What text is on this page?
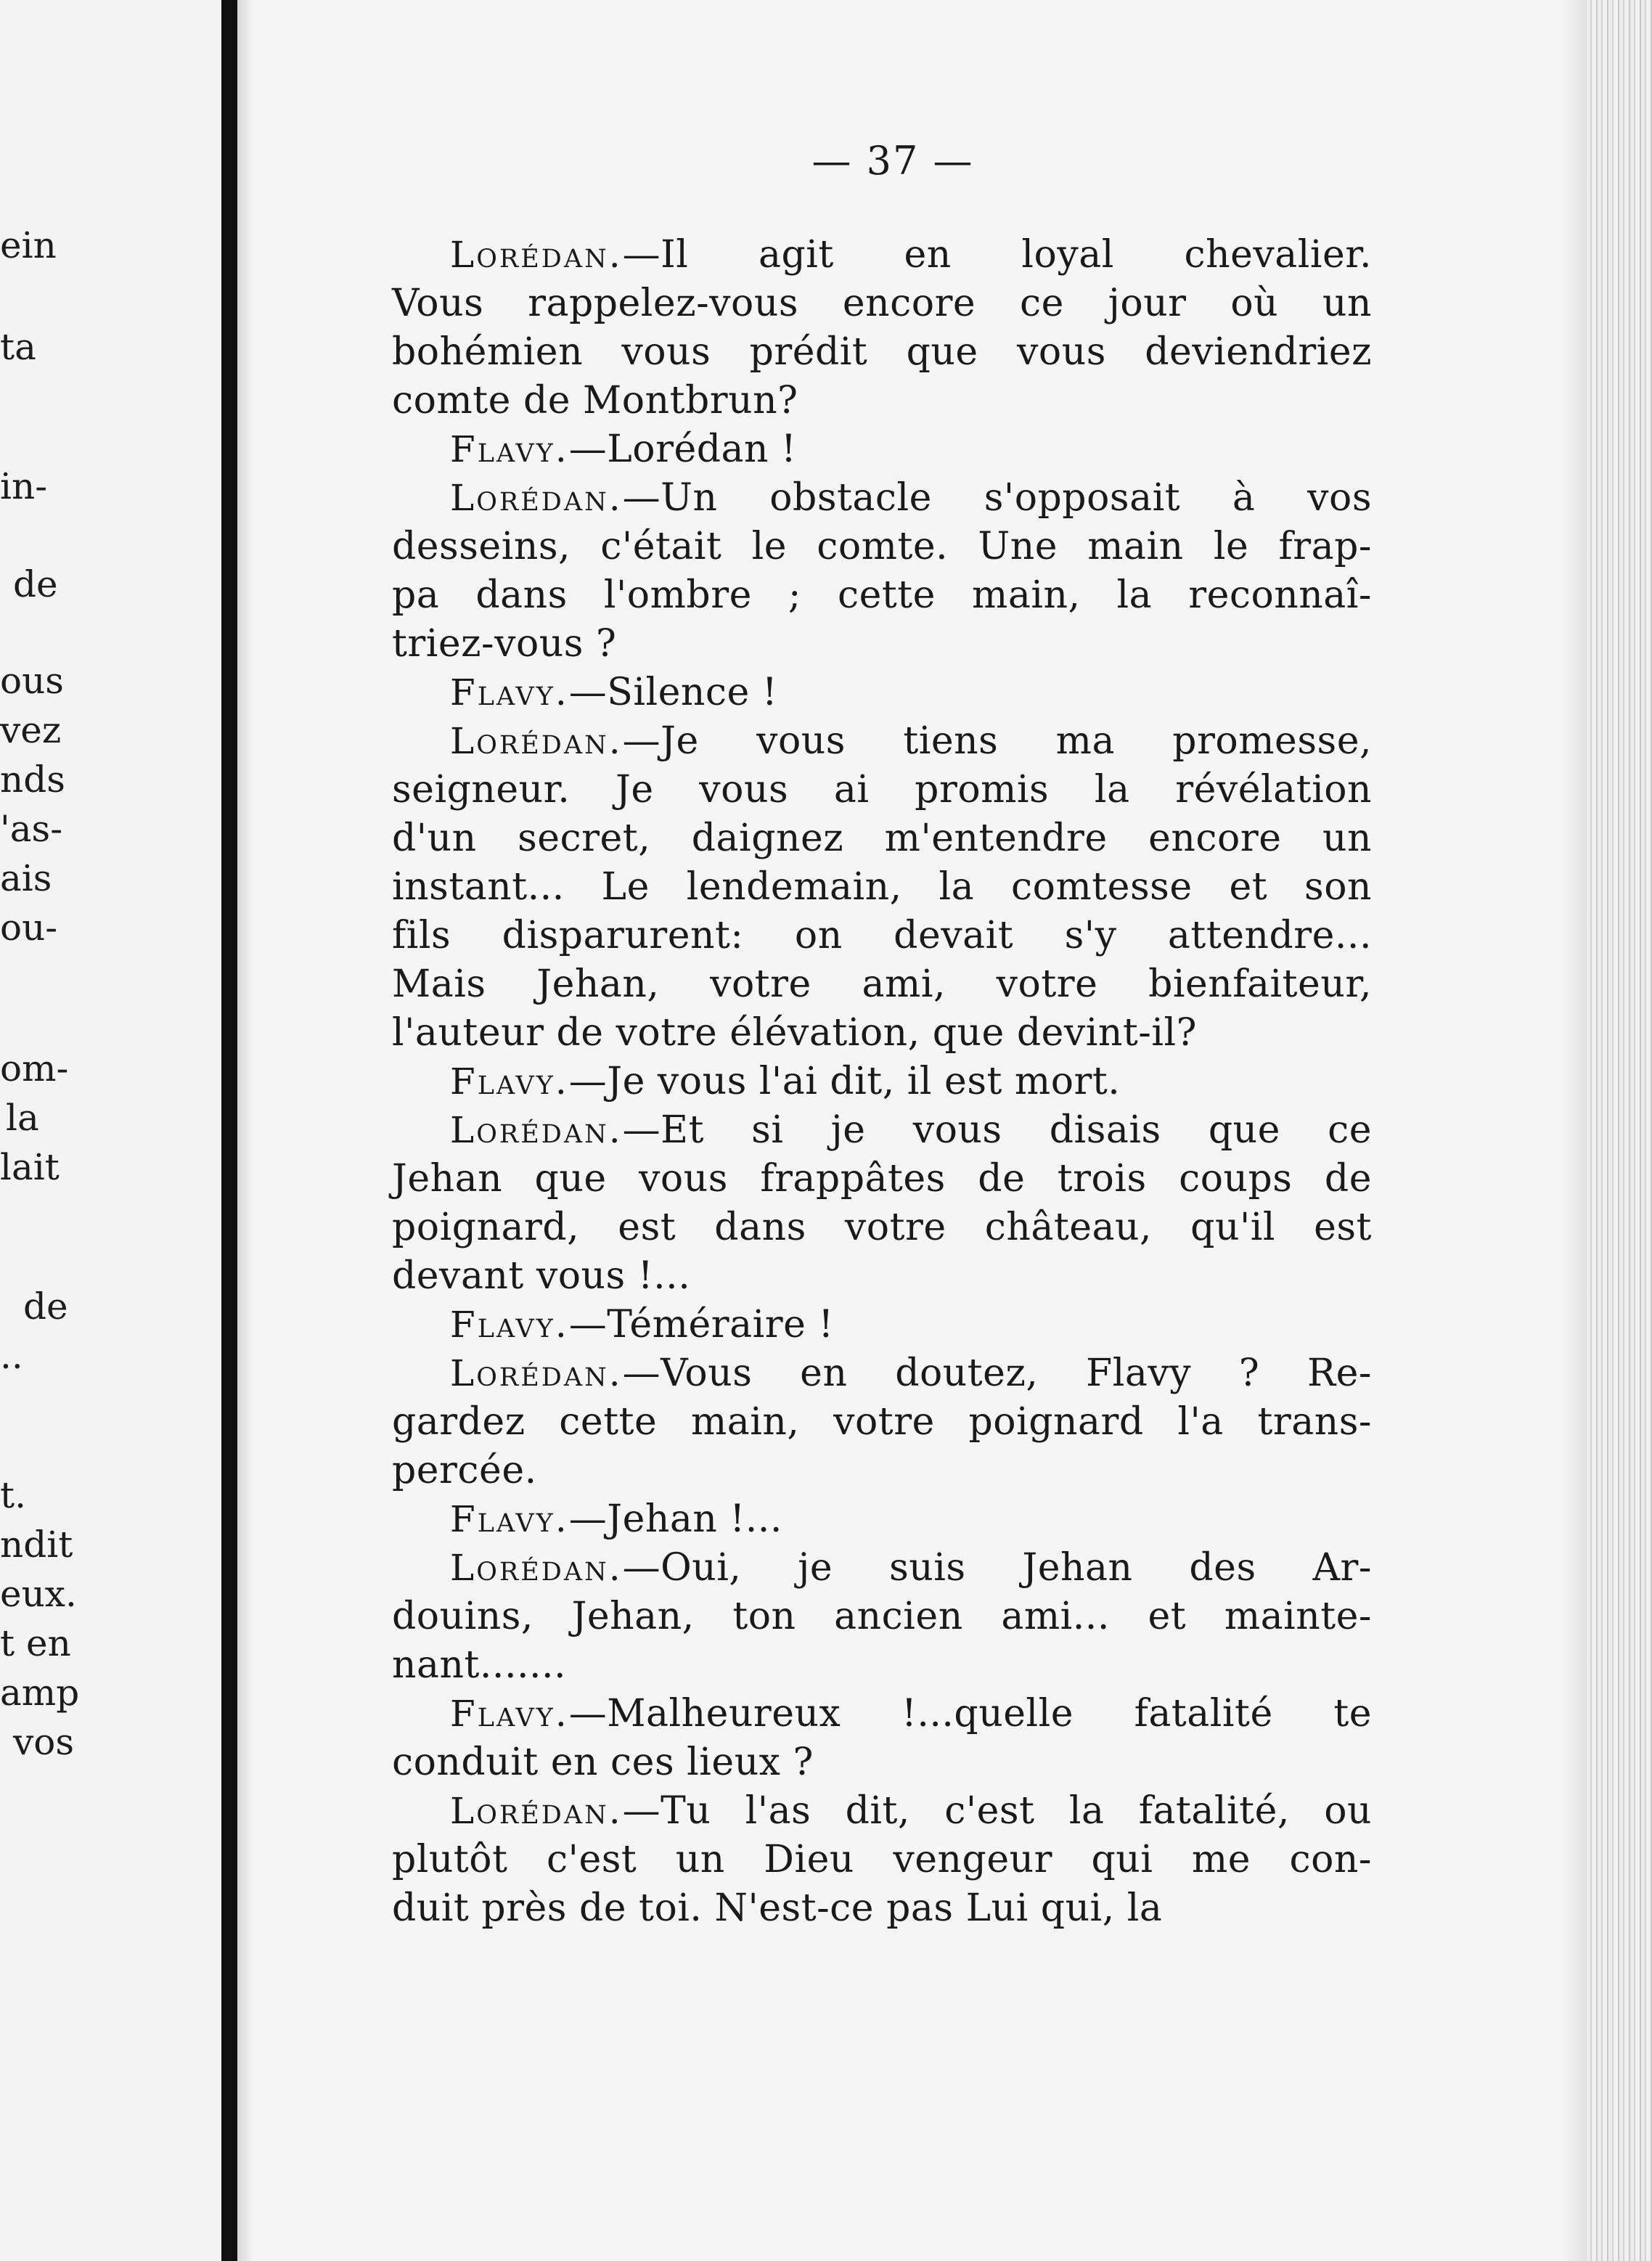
ein
ta
in-
de
ous
vez
nds
'as-
ais
ou-
om-
la
lait
de
..
t.
ndit
eux.
t en
amp
vos
— 37 —
Lorédan.—Il agit en loyal chevalier.
Vous rappelez-vous encore ce jour où un
bohémien vous prédit que vous deviendriez
comte de Montbrun?
Flavy.—Lorédan !
Lorédan.—Un obstacle s'opposait à vos
desseins, c'était le comte. Une main le frap-
pa dans l'ombre ; cette main, la reconnaî-
triez-vous ?
Flavy.—Silence !
Lorédan.—Je vous tiens ma promesse,
seigneur. Je vous ai promis la révélation
d'un secret, daignez m'entendre encore un
instant... Le lendemain, la comtesse et son
fils disparurent: on devait s'y attendre...
Mais Jehan, votre ami, votre bienfaiteur,
l'auteur de votre élévation, que devint-il?
Flavy.—Je vous l'ai dit, il est mort.
Lorédan.—Et si je vous disais que ce
Jehan que vous frappâtes de trois coups de
poignard, est dans votre château, qu'il est
devant vous !...
Flavy.—Téméraire !
Lorédan.—Vous en doutez, Flavy ? Re-
gardez cette main, votre poignard l'a trans-
percée.
Flavy.—Jehan !...
Lorédan.—Oui, je suis Jehan des Ar-
douins, Jehan, ton ancien ami... et mainte-
nant.......
Flavy.—Malheureux !...quelle fatalité te
conduit en ces lieux ?
Lorédan.—Tu l'as dit, c'est la fatalité, ou
plutôt c'est un Dieu vengeur qui me con-
duit près de toi. N'est-ce pas Lui qui, la
